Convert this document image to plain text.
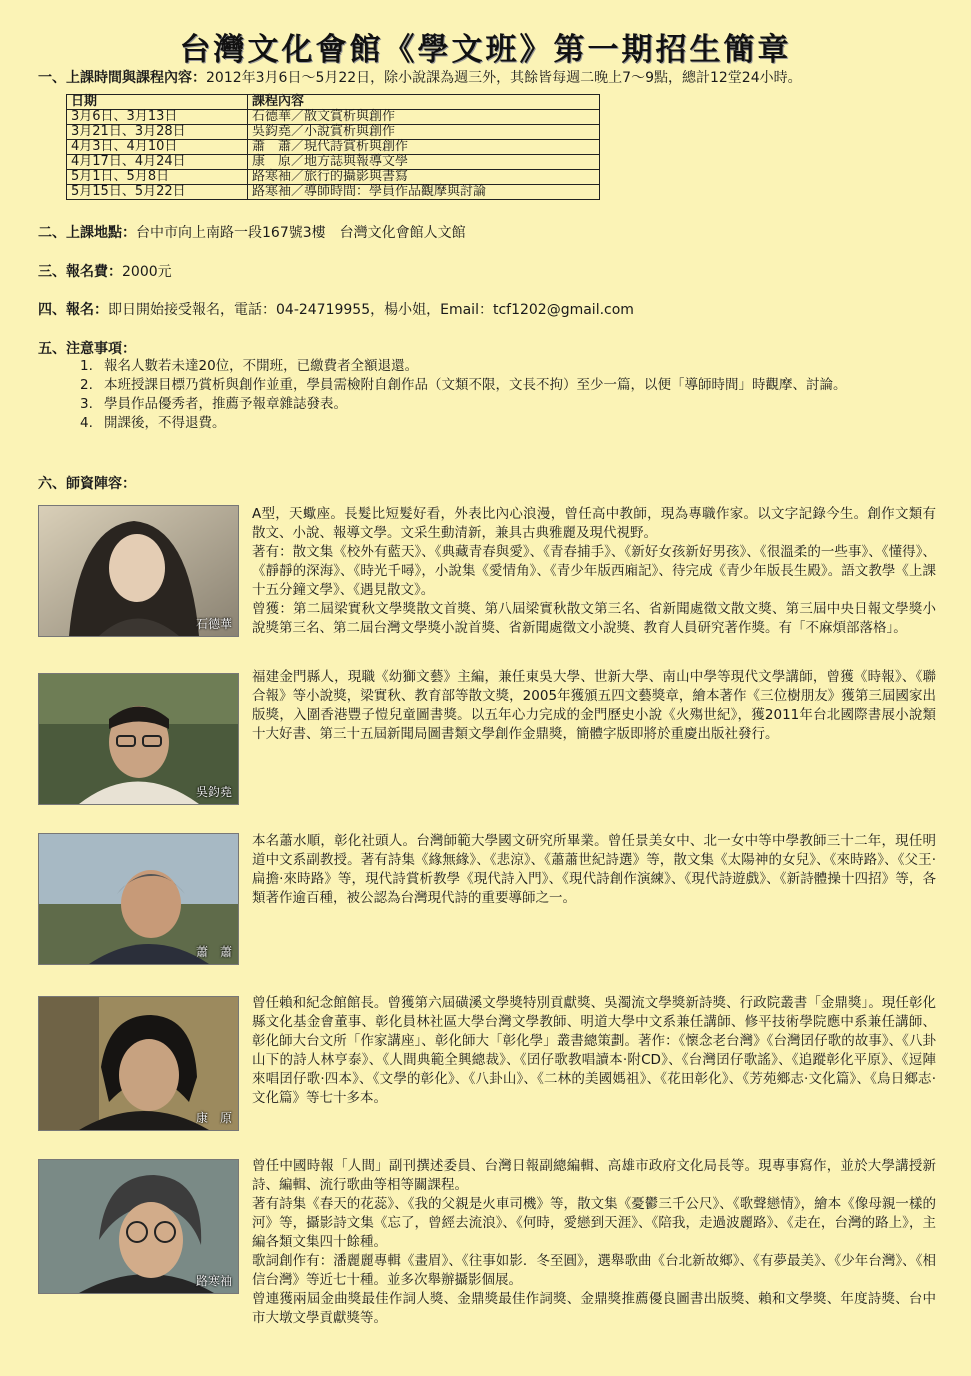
台灣文化會館《學文班》第一期招生簡章
一、上課時間與課程內容：2012年3月6日～5月22日，除小說課為週三外，其餘皆每週二晚上7～9點，總計12堂24小時。
日期	課程內容
3月6日、3月13日	石德華／散文賞析與創作
3月21日、3月28日	吳鈞堯／小說賞析與創作
4月3日、4月10日	蕭　蕭／現代詩賞析與創作
4月17日、4月24日	康　原／地方誌與報導文學
5月1日、5月8日	路寒袖／旅行的攝影與書寫
5月15日、5月22日	路寒袖／導師時間：學員作品觀摩與討論
二、上課地點：台中市向上南路一段167號3樓　台灣文化會館人文館
三、報名費：2000元
四、報名：即日開始接受報名，電話：04-24719955，楊小姐，Email：tcf1202@gmail.com
五、注意事項：
1. 報名人數若未達20位，不開班，已繳費者全額退還。
2. 本班授課目標乃賞析與創作並重，學員需檢附自創作品（文類不限，文長不拘）至少一篇，以便「導師時間」時觀摩、討論。
3. 學員作品優秀者，推薦予報章雜誌發表。
4. 開課後，不得退費。
六、師資陣容：
石德華

A型，天蠍座。長髮比短髮好看，外表比內心浪漫，曾任高中教師，現為專職作家。以文字記錄今生。創作文類有散文、小說、報導文學。文采生動清新，兼具古典雅麗及現代視野。

著有：散文集《校外有藍天》、《典藏青春與愛》、《青春捕手》、《新好女孩新好男孩》、《很溫柔的一些事》、《懂得》、《靜靜的深海》、《時光千噚》，小說集《愛情角》、《青少年版西廂記》、待完成《青少年版長生殿》。語文教學《上課十五分鐘文學》、《遇見散文》。

曾獲：第二屆梁實秋文學獎散文首獎、第八屆梁實秋散文第三名、省新聞處徵文散文獎、第三屆中央日報文學獎小說獎第三名、第二屆台灣文學獎小說首獎、省新聞處徵文小說獎、教育人員研究著作獎。有「不麻煩部落格」。

吳鈞堯

福建金門縣人，現職《幼獅文藝》主編，兼任東吳大學、世新大學、南山中學等現代文學講師，曾獲《時報》、《聯合報》等小說獎，梁實秋、教育部等散文獎，2005年獲頒五四文藝獎章，繪本著作《三位樹朋友》獲第三屆國家出版獎，入圍香港豐子愷兒童圖書獎。以五年心力完成的金門歷史小說《火殤世紀》，獲2011年台北國際書展小說類十大好書、第三十五屆新聞局圖書類文學創作金鼎獎，簡體字版即將於重慶出版社發行。

蕭　蕭

本名蕭水順，彰化社頭人。台灣師範大學國文研究所畢業。曾任景美女中、北一女中等中學教師三十二年，現任明道中文系副教授。著有詩集《緣無緣》、《悲涼》、《蕭蕭世紀詩選》等，散文集《太陽神的女兒》、《來時路》、《父王·扁擔·來時路》等，現代詩賞析教學《現代詩入門》、《現代詩創作演練》、《現代詩遊戲》、《新詩體操十四招》等，各類著作逾百種，被公認為台灣現代詩的重要導師之一。

康　原

曾任賴和紀念館館長。曾獲第六屆磺溪文學獎特別貢獻獎、吳濁流文學獎新詩獎、行政院叢書「金鼎獎」。現任彰化縣文化基金會董事、彰化員林社區大學台灣文學教師、明道大學中文系兼任講師、修平技術學院應中系兼任講師、彰化師大台文所「作家講座」、彰化師大「彰化學」叢書總策劃。著作：《懷念老台灣》《台灣囝仔歌的故事》、《八卦山下的詩人林亨泰》、《人間典範全興總裁》、《囝仔歌教唱讀本·附CD》、《台灣囝仔歌謠》、《追蹤彰化平原》、《逗陣來唱囝仔歌·四本》、《文學的彰化》、《八卦山》、《二林的美國媽祖》、《花田彰化》、《芳苑鄉志·文化篇》、《烏日鄉志·文化篇》等七十多本。

路寒袖

曾任中國時報「人間」副刊撰述委員、台灣日報副總編輯、高雄市政府文化局長等。現專事寫作，並於大學講授新詩、編輯、流行歌曲等相等關課程。

著有詩集《春天的花蕊》、《我的父親是火車司機》等，散文集《憂鬱三千公尺》、《歌聲戀情》，繪本《像母親一樣的河》等，攝影詩文集《忘了，曾經去流浪》、《何時，愛戀到天涯》、《陪我，走過波麗路》、《走在，台灣的路上》，主編各類文集四十餘種。

歌詞創作有：潘麗麗專輯《畫眉》、《往事如影．冬至圓》，選舉歌曲《台北新故鄉》、《有夢最美》、《少年台灣》、《相信台灣》等近七十種。並多次舉辦攝影個展。

曾連獲兩屆金曲獎最佳作詞人獎、金鼎獎最佳作詞獎、金鼎獎推薦優良圖書出版獎、賴和文學獎、年度詩獎、台中市大墩文學貢獻獎等。
